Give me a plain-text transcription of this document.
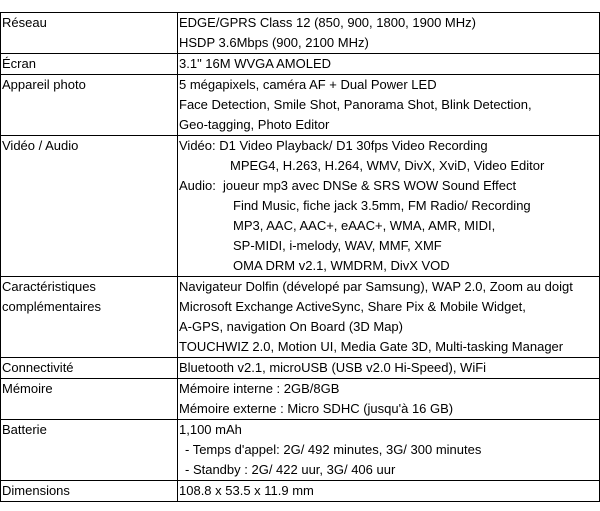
Réseau	EDGE/GPRS Class 12 (850, 900, 1800, 1900 MHz)
HSDP 3.6Mbps (900, 2100 MHz)

Écran	3.1" 16M WVGA AMOLED

Appareil photo	5 mégapixels, caméra AF + Dual Power LED
Face Detection, Smile Shot, Panorama Shot, Blink Detection,
Geo-tagging, Photo Editor

Vidéo / Audio	Vidéo: D1 Video Playback/ D1 30fps Video Recording
MPEG4, H.263, H.264, WMV, DivX, XviD, Video Editor
Audio: joueur mp3 avec DNSe & SRS WOW Sound Effect
Find Music, fiche jack 3.5mm, FM Radio/ Recording
MP3, AAC, AAC+, eAAC+, WMA, AMR, MIDI,
SP-MIDI, i-melody, WAV, MMF, XMF
OMA DRM v2.1, WMDRM, DivX VOD

Caractéristiques
complémentaires	Navigateur Dolfin (dévelopé par Samsung), WAP 2.0, Zoom au doigt
Microsoft Exchange ActiveSync, Share Pix & Mobile Widget,
A-GPS, navigation On Board (3D Map)
TOUCHWIZ 2.0, Motion UI, Media Gate 3D, Multi-tasking Manager

Connectivité	Bluetooth v2.1, microUSB (USB v2.0 Hi-Speed), WiFi

Mémoire	Mémoire interne : 2GB/8GB
Mémoire externe : Micro SDHC (jusqu'à 16 GB)

Batterie	1,100 mAh
- Temps d'appel: 2G/ 492 minutes, 3G/ 300 minutes
- Standby : 2G/ 422 uur, 3G/ 406 uur

Dimensions	108.8 x 53.5 x 11.9 mm
